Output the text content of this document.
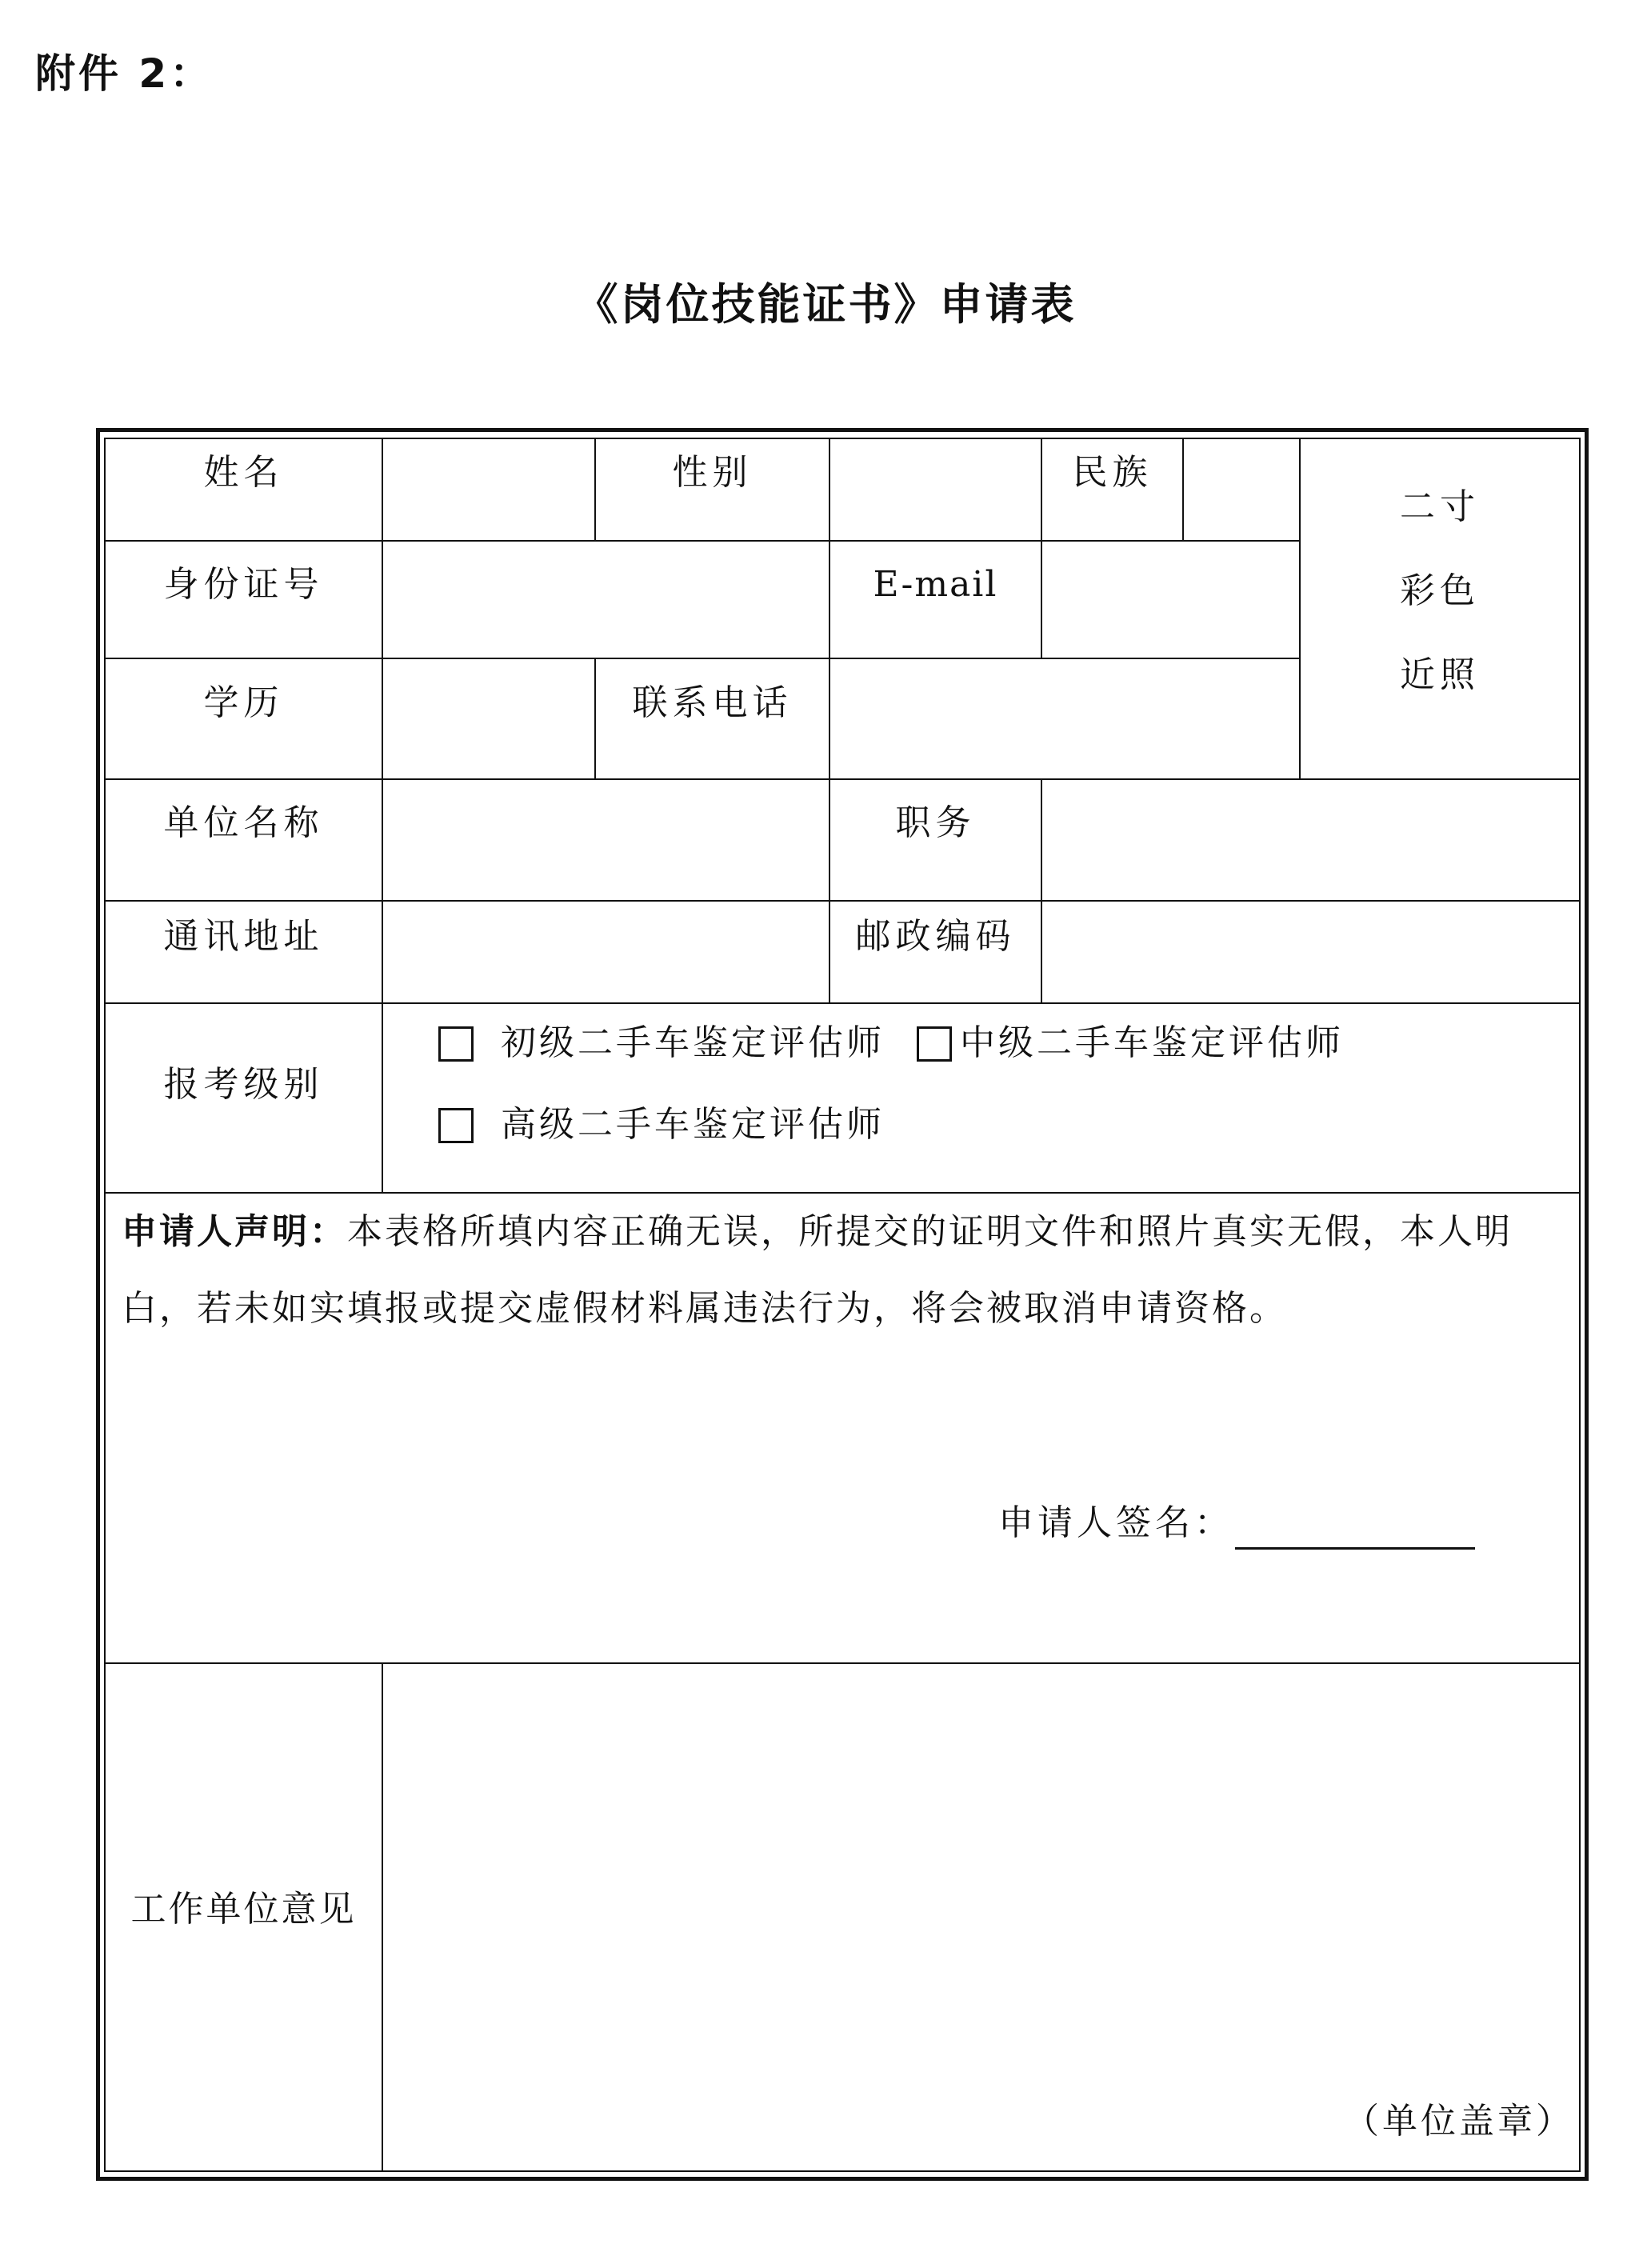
附件 2：
《岗位技能证书》申请表
姓名	性别	民族
二寸
彩色
近照
身份证号	E-mail
学历	联系电话
单位名称	职务
通讯地址	邮政编码
报考级别
初级二手车鉴定评估师 中级二手车鉴定评估师
高级二手车鉴定评估师
申请人声明：本表格所填内容正确无误，所提交的证明文件和照片真实无假，本人明白，若未如实填报或提交虚假材料属违法行为，将会被取消申请资格。
申请人签名：
工作单位意见
（单位盖章）
